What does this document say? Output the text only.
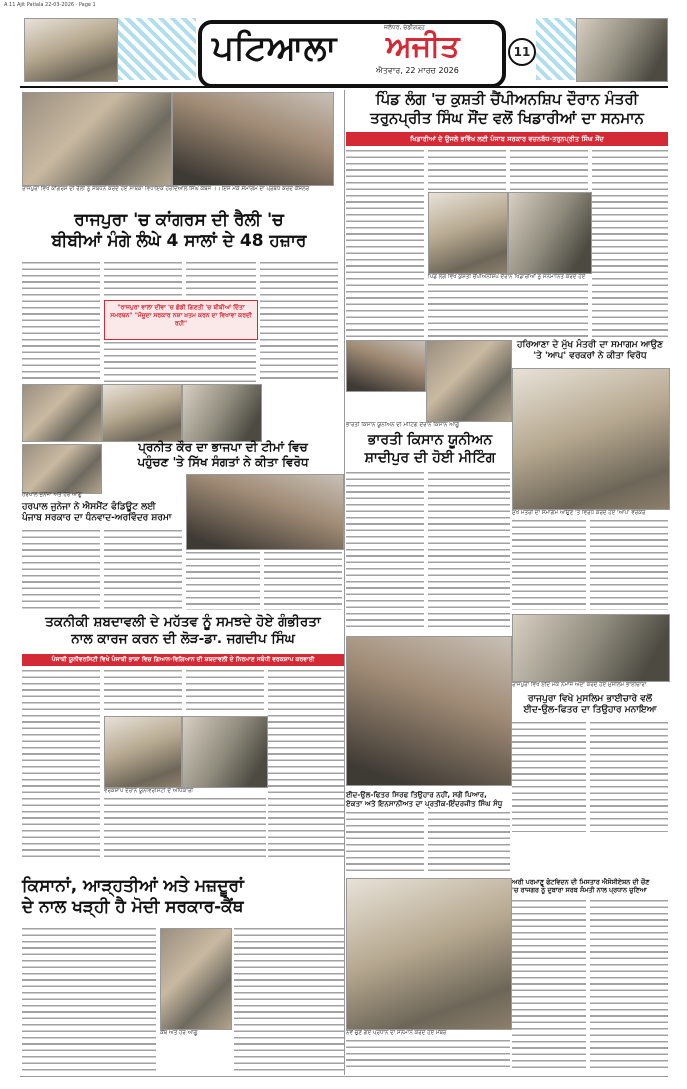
A 11 Ajit Patiala 22-03-2026 · Page 1
ਪਟਿਆਲਾ
ਜਲੰਧਰ, ਚੰਡੀਗੜ੍ਹ
ਅਜੀਤ
ਐਤਵਾਰ, 22 ਮਾਰਚ 2026
11
ਰਾਜਪੁਰਾ ਵਿਖੇ ਕਾਂਗਰਸ ਦੀ ਰੈਲੀ ਨੂੰ ਸੰਬੋਧਨ ਕਰਦੇ ਹੋਏ ਸਾਬਕਾ ਵਿਧਾਇਕ ਹਰਦਿਆਲ ਸਿੰਘ ਕੰਬੋਜ ।। ਇਸ ਮੌਕੇ ਸਮਾਗਮ ਦਾ ਪ੍ਰਬੰਧ ਕਰਦੇ ਕੌਂਸਲਰ
ਰਾਜਪੁਰਾ 'ਚ ਕਾਂਗਰਸ ਦੀ ਰੈਲੀ 'ਚ
ਬੀਬੀਆਂ ਮੰਗੇ ਲੰਘੇ 4 ਸਾਲਾਂ ਦੇ 48 ਹਜ਼ਾਰ
"ਰਾਜਪੁਰਾ ਵਾਲਾ ਦੀਵਾ 'ਚ ਛੱਡੀ ਗਿਣਤੀ 'ਚ ਬੀਬੀਆਂ ਦਿੱਤਾ ਸਮਰਥਨ" "ਮੌਜੂਦਾ ਸਰਕਾਰ ਨਸ਼ਾ ਖ਼ਤਮ ਕਰਨ ਦਾ ਵਿਖਾਵਾ ਕਰਦੀ ਰਹੀ"
ਪ੍ਰਨੀਤ ਕੌਰ ਦਾ ਭਾਜਪਾ ਦੀ ਟੀਮਾਂ ਵਿਚ
ਪਹੁੰਚਣ 'ਤੇ ਸਿੱਖ ਸੰਗਤਾਂ ਨੇ ਕੀਤਾ ਵਿਰੋਧ
ਹਰਪਾਲ ਜੁਨੇਜਾ ਅਤੇ ਹੋਰ ਆਗੂ
ਹਰਪਾਲ ਜੁਨੇਜਾ ਨੇ ਐਸਮੈਂਟ ਫੰਡਿਊਟ ਲਈ
ਪੰਜਾਬ ਸਰਕਾਰ ਦਾ ਧੰਨਵਾਦ-ਅਰਵਿੰਦਰ ਸ਼ਰਮਾ
ਤਕਨੀਕੀ ਸ਼ਬਦਾਵਲੀ ਦੇ ਮਹੱਤਵ ਨੂੰ ਸਮਝਦੇ ਹੋਏ ਗੰਭੀਰਤਾ
ਨਾਲ ਕਾਰਜ ਕਰਨ ਦੀ ਲੋੜ-ਡਾ. ਜਗਦੀਪ ਸਿੰਘ
ਪੰਜਾਬੀ ਯੂਨੀਵਰਸਿਟੀ ਵਿਖੇ ਪੰਜਾਬੀ ਭਾਸ਼ਾ ਵਿਚ ਗਿਆਨ-ਵਿਗਿਆਨ ਦੀ ਸ਼ਬਦਾਵਲੀ ਦੇ ਨਿਰਮਾਣ ਸਬੰਧੀ ਵਰਕਸ਼ਾਪ ਕਰਵਾਈ
ਵਰਕਸ਼ਾਪ ਦੌਰਾਨ ਯੂਨੀਵਰਸਿਟੀ ਦੇ ਅਧਿਕਾਰੀ
ਕਿਸਾਨਾਂ, ਆੜ੍ਹਤੀਆਂ ਅਤੇ ਮਜ਼ਦੂਰਾਂ
ਦੇ ਨਾਲ ਖੜ੍ਹੀ ਹੈ ਮੋਦੀ ਸਰਕਾਰ-ਕੈਂਥ
ਕੈਂਥ ਅਤੇ ਹੋਰ ਆਗੂ
ਪਿੰਡ ਲੰਗ 'ਚ ਕੁਸ਼ਤੀ ਚੈਂਪੀਅਨਸ਼ਿਪ ਦੌਰਾਨ ਮੰਤਰੀ
ਤਰੁਨਪ੍ਰੀਤ ਸਿੰਘ ਸੌਂਦ ਵਲੋਂ ਖਿਡਾਰੀਆਂ ਦਾ ਸਨਮਾਨ
ਖਿਡਾਰੀਆਂ ਦੇ ਉਜਲੇ ਭਵਿੱਖ ਲਈ ਪੰਜਾਬ ਸਰਕਾਰ ਵਚਨਬੱਧ-ਤਰੁਨਪ੍ਰੀਤ ਸਿੰਘ ਸੌਂਦ
ਪਿੰਡ ਲੰਗ ਵਿਖੇ ਕੁਸ਼ਤੀ ਚੈਂਪੀਅਨਸ਼ਿਪ ਦੌਰਾਨ ਖਿਡਾਰੀਆਂ ਨੂੰ ਸਨਮਾਨਿਤ ਕਰਦੇ ਹੋਏ
ਭਾਰਤੀ ਕਿਸਾਨ ਯੂਨੀਅਨ ਦੀ ਮੀਟਿੰਗ ਦੌਰਾਨ ਕਿਸਾਨ ਆਗੂ
ਭਾਰਤੀ ਕਿਸਾਨ ਯੂਨੀਅਨ
ਸ਼ਾਦੀਪੁਰ ਦੀ ਹੋਈ ਮੀਟਿੰਗ
ਹਰਿਆਣਾ ਦੇ ਮੁੱਖ ਮੰਤਰੀ ਦਾ ਸਮਾਗਮ ਆਉਣ
'ਤੇ 'ਆਪ' ਵਰਕਰਾਂ ਨੇ ਕੀਤਾ ਵਿਰੋਧ
ਮੁੱਖ ਮੰਤਰੀ ਦਾ ਸਮਾਗਮ ਆਉਣ 'ਤੇ ਵਿਰੋਧ ਕਰਦੇ ਹੋਏ 'ਆਪ' ਵਰਕਰ
ਰਾਜਪੁਰਾ ਵਿਖੇ ਈਦ ਮੌਕੇ ਨਮਾਜ਼ ਅਦਾ ਕਰਦੇ ਹੋਏ ਮੁਸਲਿਮ ਭਾਈਚਾਰਾ
ਰਾਜਪੁਰਾ ਵਿਖੇ ਮੁਸਲਿਮ ਭਾਈਚਾਰੇ ਵਲੋਂ
ਈਦ-ਉਲ-ਫਿਤਰ ਦਾ ਤਿਉਹਾਰ ਮਨਾਇਆ
ਈਦ-ਉਲ-ਫਿਤਰ ਸਿਰਫ ਤਿਉਹਾਰ ਨਹੀਂ, ਸਗੋਂ ਪਿਆਰ,
ਏਕਤਾ ਅਤੇ ਇਨਸਾਨੀਅਤ ਦਾ ਪ੍ਰਤੀਕ-ਇੰਦਰਜੀਤ ਸਿੰਘ ਸੰਧੂ
ਅਰੀ ਪਰਮਾਣੂ ਫੋਟਵਿਦਨ ਦੀ ਮਿਸਤਾਰ ਐਸੋਸੀਏਸ਼ਨ ਦੀ ਚੌਣ
'ਚ ਰਾਜਗਰ ਨੂੰ ਦੁਬਾਰਾ ਸਰਬ ਸੰਮਤੀ ਨਾਲ ਪ੍ਰਧਾਨ ਚੁਣਿਆ
ਨਵੇਂ ਚੁਣੇ ਗਏ ਪ੍ਰਧਾਨ ਦਾ ਸਨਮਾਨ ਕਰਦੇ ਹੋਏ ਮੈਂਬਰ
